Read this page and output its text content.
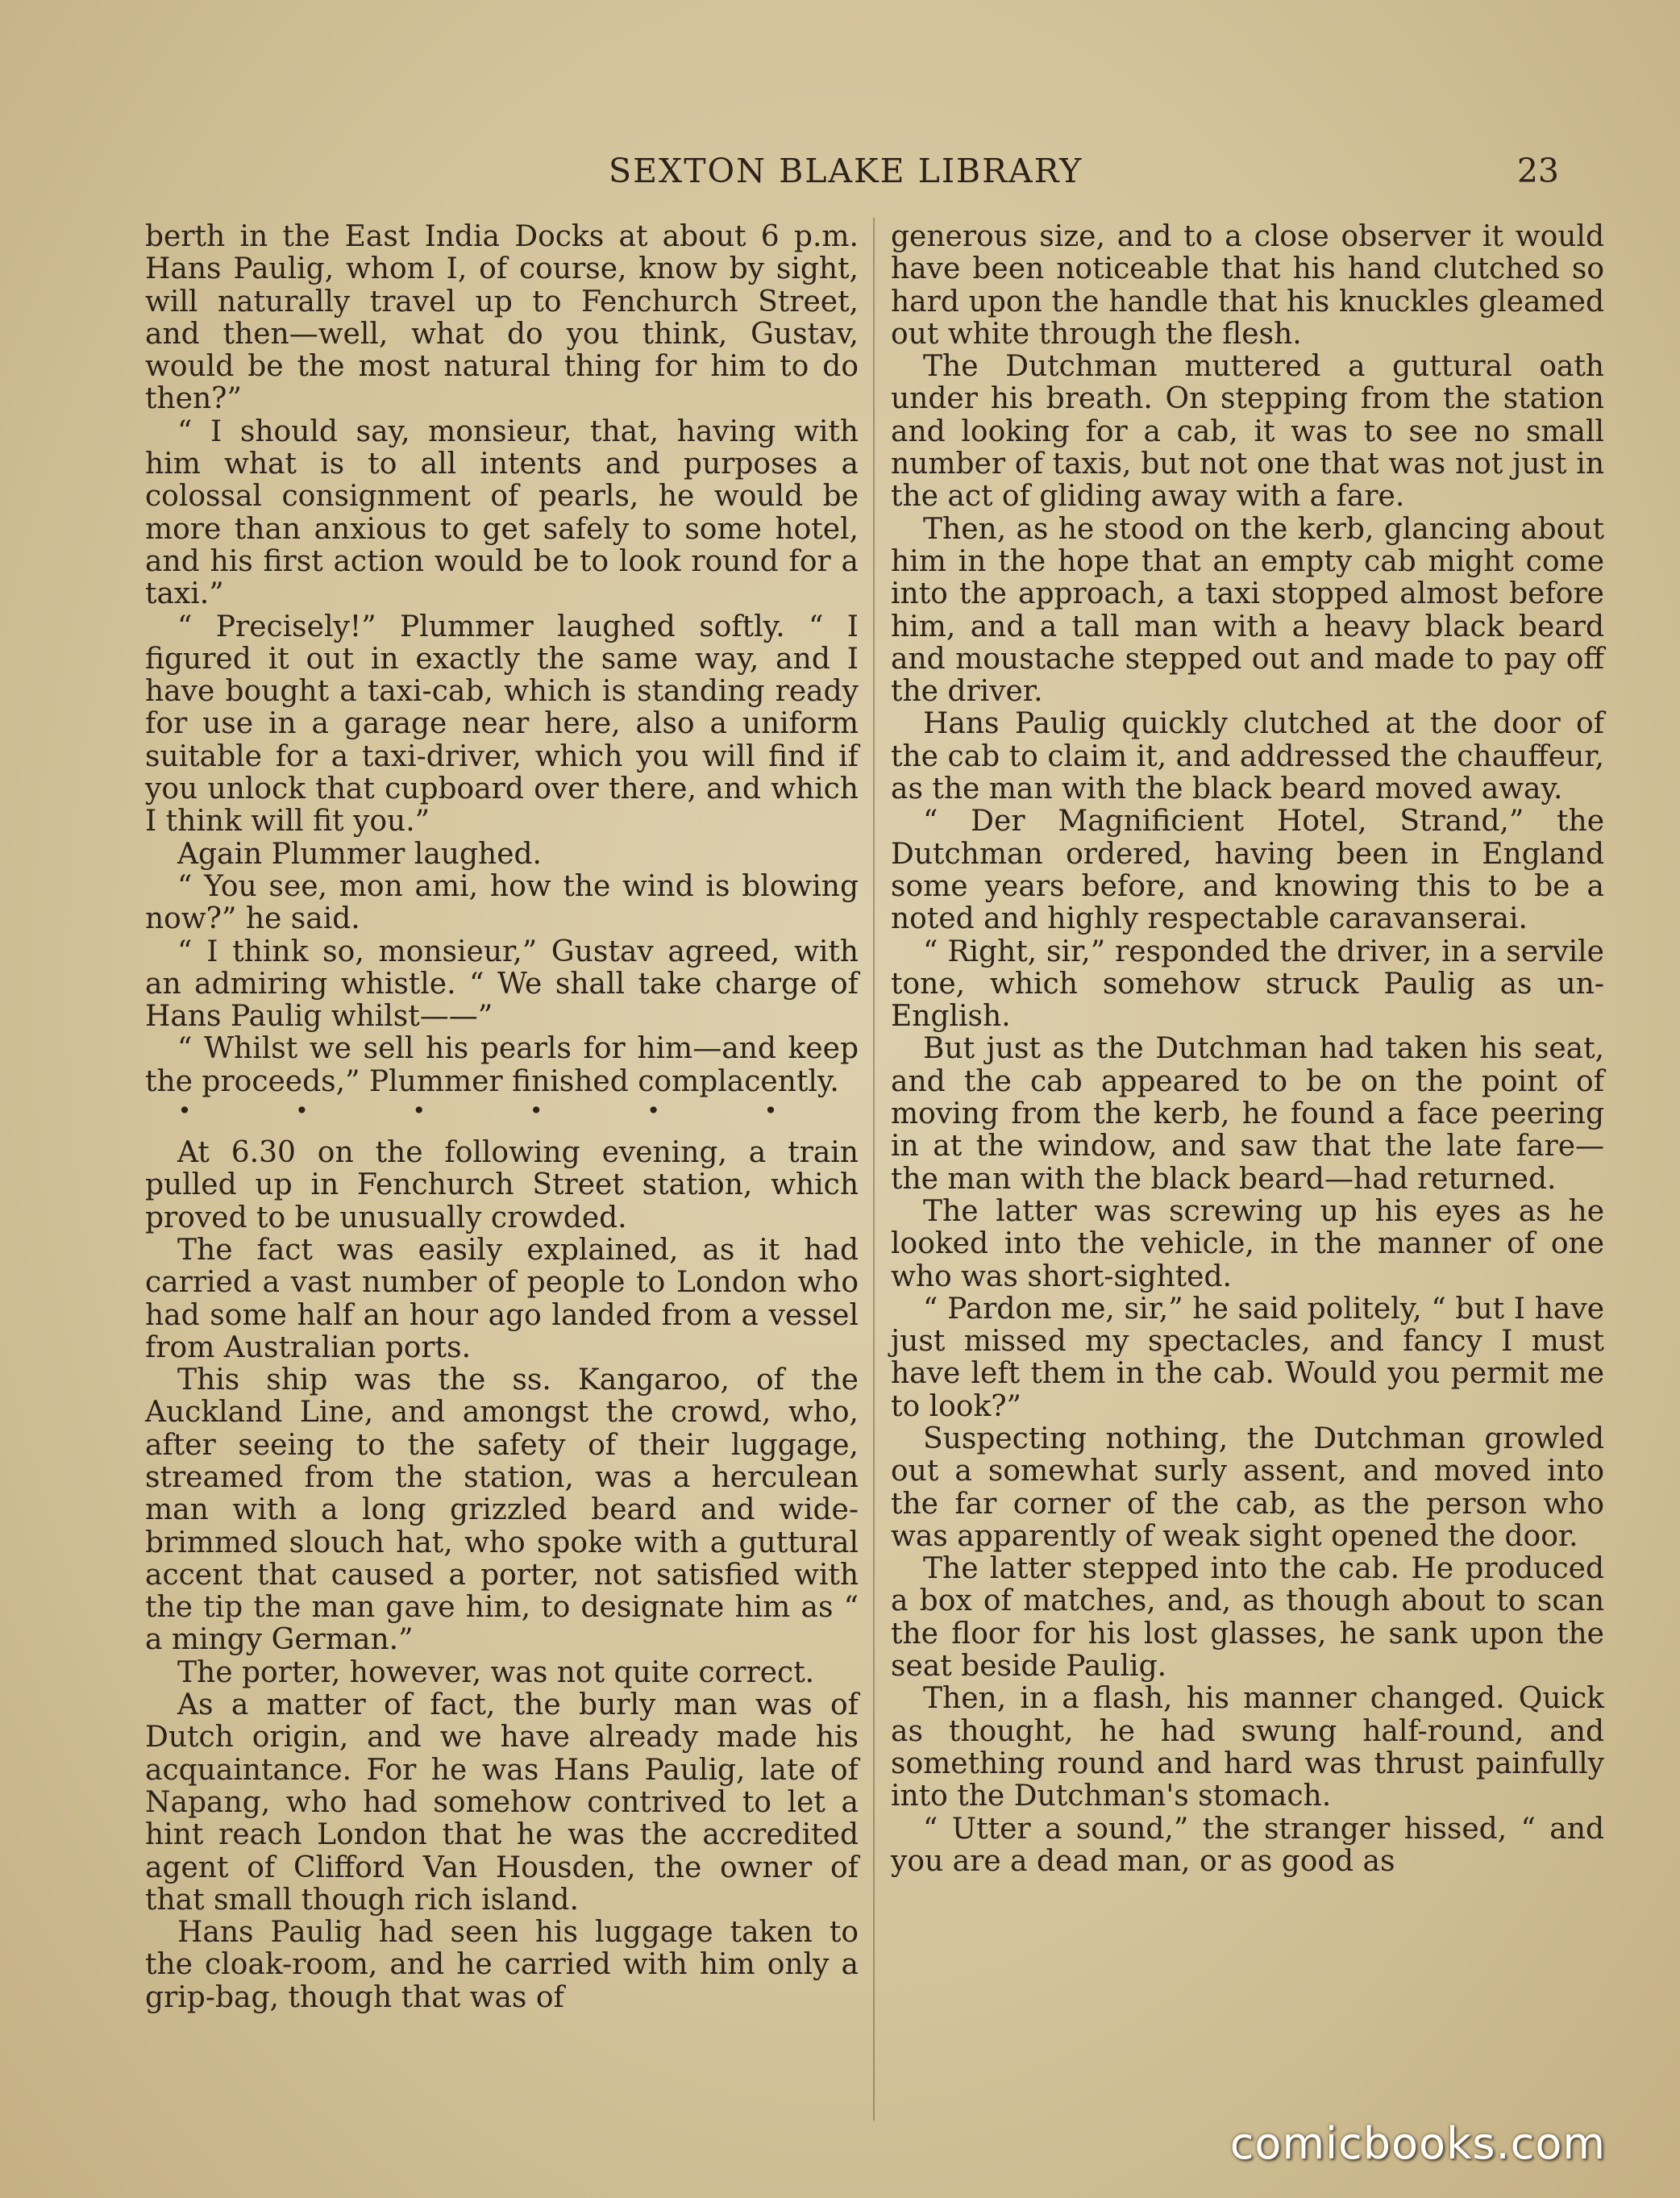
SEXTON BLAKE LIBRARY	23

berth in the East India Docks at about 6 p.m. Hans Paulig, whom I, of course, know by sight, will naturally travel up to Fenchurch Street, and then—well, what do you think, Gustav, would be the most natural thing for him to do then?”

“ I should say, monsieur, that, having with him what is to all intents and purposes a colossal consignment of pearls, he would be more than anxious to get safely to some hotel, and his first action would be to look round for a taxi.”

“ Precisely!” Plummer laughed softly. “ I figured it out in exactly the same way, and I have bought a taxi-cab, which is standing ready for use in a garage near here, also a uniform suitable for a taxi-driver, which you will find if you unlock that cupboard over there, and which I think will fit you.”

Again Plummer laughed.

“ You see, mon ami, how the wind is blowing now?” he said.

“ I think so, monsieur,” Gustav agreed, with an admiring whistle. “ We shall take charge of Hans Paulig whilst——”

“ Whilst we sell his pearls for him—and keep the proceeds,” Plummer finished complacently.

• • • • • •

At 6.30 on the following evening, a train pulled up in Fenchurch Street station, which proved to be unusually crowded.

The fact was easily explained, as it had carried a vast number of people to London who had some half an hour ago landed from a vessel from Australian ports.

This ship was the ss. Kangaroo, of the Auckland Line, and amongst the crowd, who, after seeing to the safety of their luggage, streamed from the station, was a herculean man with a long grizzled beard and wide-brimmed slouch hat, who spoke with a guttural accent that caused a porter, not satisfied with the tip the man gave him, to designate him as “ a mingy German.”

The porter, however, was not quite correct.

As a matter of fact, the burly man was of Dutch origin, and we have already made his acquaintance. For he was Hans Paulig, late of Napang, who had somehow contrived to let a hint reach London that he was the accredited agent of Clifford Van Housden, the owner of that small though rich island.

Hans Paulig had seen his luggage taken to the cloak-room, and he carried with him only a grip-bag, though that was of

generous size, and to a close observer it would have been noticeable that his hand clutched so hard upon the handle that his knuckles gleamed out white through the flesh.

The Dutchman muttered a guttural oath under his breath. On stepping from the station and looking for a cab, it was to see no small number of taxis, but not one that was not just in the act of gliding away with a fare.

Then, as he stood on the kerb, glancing about him in the hope that an empty cab might come into the approach, a taxi stopped almost before him, and a tall man with a heavy black beard and moustache stepped out and made to pay off the driver.

Hans Paulig quickly clutched at the door of the cab to claim it, and addressed the chauffeur, as the man with the black beard moved away.

“ Der Magnificient Hotel, Strand,” the Dutchman ordered, having been in England some years before, and knowing this to be a noted and highly respectable caravanserai.

“ Right, sir,” responded the driver, in a servile tone, which somehow struck Paulig as un-English.

But just as the Dutchman had taken his seat, and the cab appeared to be on the point of moving from the kerb, he found a face peering in at the window, and saw that the late fare—the man with the black beard—had returned.

The latter was screwing up his eyes as he looked into the vehicle, in the manner of one who was short-sighted.

“ Pardon me, sir,” he said politely, “ but I have just missed my spectacles, and fancy I must have left them in the cab. Would you permit me to look?”

Suspecting nothing, the Dutchman growled out a somewhat surly assent, and moved into the far corner of the cab, as the person who was apparently of weak sight opened the door.

The latter stepped into the cab. He produced a box of matches, and, as though about to scan the floor for his lost glasses, he sank upon the seat beside Paulig.

Then, in a flash, his manner changed. Quick as thought, he had swung half-round, and something round and hard was thrust painfully into the Dutchman's stomach.

“ Utter a sound,” the stranger hissed, “ and you are a dead man, or as good as

comicbooks.com
